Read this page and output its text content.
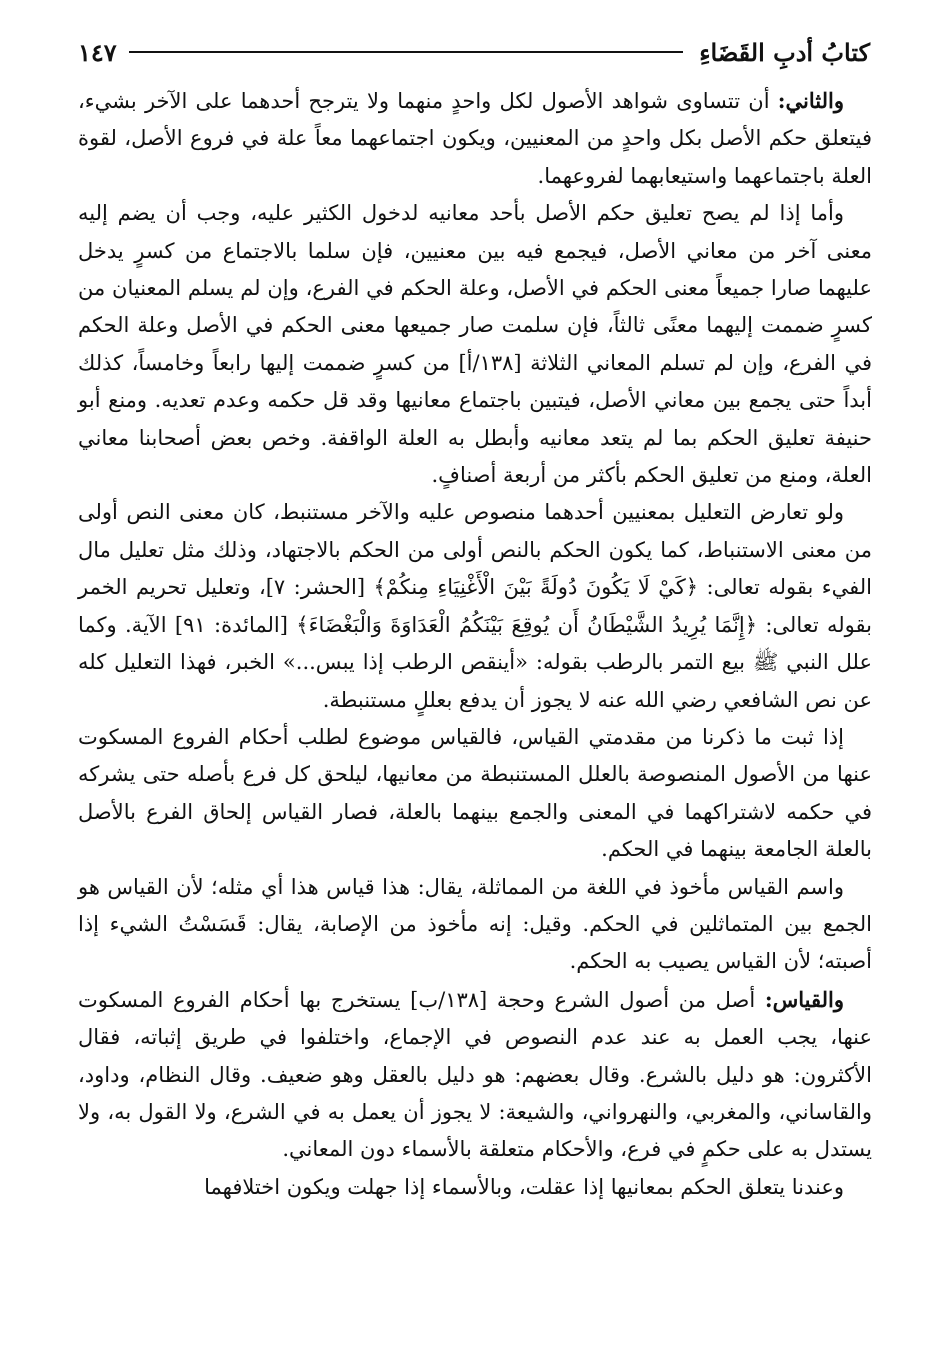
كتابُ أدبِ القَضَاءِ
١٤٧

والثاني: أن تتساوى شواهد الأصول لكل واحدٍ منهما ولا يترجح أحدهما على الآخر بشيء، فيتعلق حكم الأصل بكل واحدٍ من المعنيين، ويكون اجتماعهما معاً علة في فروع الأصل، لقوة العلة باجتماعهما واستيعابهما لفروعهما.

وأما إذا لم يصح تعليق حكم الأصل بأحد معانيه لدخول الكثير عليه، وجب أن يضم إليه معنى آخر من معاني الأصل، فيجمع فيه بين معنيين، فإن سلما بالاجتماع من كسرٍ يدخل عليهما صارا جميعاً معنى الحكم في الأصل، وعلة الحكم في الفرع، وإن لم يسلم المعنيان من كسرٍ ضممت إليهما معنًى ثالثاً، فإن سلمت صار جميعها معنى الحكم في الأصل وعلة الحكم في الفرع، وإن لم تسلم المعاني الثلاثة [١٣٨/أ] من كسرٍ ضممت إليها رابعاً وخامساً، كذلك أبداً حتى يجمع بين معاني الأصل، فيتبين باجتماع معانيها وقد قل حكمه وعدم تعديه. ومنع أبو حنيفة تعليق الحكم بما لم يتعد معانيه وأبطل به العلة الواقفة. وخص بعض أصحابنا معاني العلة، ومنع من تعليق الحكم بأكثر من أربعة أصنافٍ.

ولو تعارض التعليل بمعنيين أحدهما منصوص عليه والآخر مستنبط، كان معنى النص أولى من معنى الاستنباط، كما يكون الحكم بالنص أولى من الحكم بالاجتهاد، وذلك مثل تعليل مال الفيء بقوله تعالى: ﴿كَيْ لَا يَكُونَ دُولَةً بَيْنَ الْأَغْنِيَاءِ مِنكُمْ﴾ [الحشر: ٧]، وتعليل تحريم الخمر بقوله تعالى: ﴿إِنَّمَا يُرِيدُ الشَّيْطَانُ أَن يُوقِعَ بَيْنَكُمُ الْعَدَاوَةَ وَالْبَغْضَاءَ﴾ [المائدة: ٩١] الآية. وكما علل النبي ﷺ بيع التمر بالرطب بقوله: «أينقص الرطب إذا يبس...» الخبر، فهذا التعليل كله عن نص الشافعي رضي الله عنه لا يجوز أن يدفع بعللٍ مستنبطة.

إذا ثبت ما ذكرنا من مقدمتي القياس، فالقياس موضوع لطلب أحكام الفروع المسكوت عنها من الأصول المنصوصة بالعلل المستنبطة من معانيها، ليلحق كل فرع بأصله حتى يشركه في حكمه لاشتراكهما في المعنى والجمع بينهما بالعلة، فصار القياس إلحاق الفرع بالأصل بالعلة الجامعة بينهما في الحكم.

واسم القياس مأخوذ في اللغة من المماثلة، يقال: هذا قياس هذا أي مثله؛ لأن القياس هو الجمع بين المتماثلين في الحكم. وقيل: إنه مأخوذ من الإصابة، يقال: قَسَسْتُ الشيء إذا أصبته؛ لأن القياس يصيب به الحكم.

والقياس: أصل من أصول الشرع وحجة [١٣٨/ب] يستخرج بها أحكام الفروع المسكوت عنها، يجب العمل به عند عدم النصوص في الإجماع، واختلفوا في طريق إثباته، فقال الأكثرون: هو دليل بالشرع. وقال بعضهم: هو دليل بالعقل وهو ضعيف. وقال النظام، وداود، والقاساني، والمغربي، والنهرواني، والشيعة: لا يجوز أن يعمل به في الشرع، ولا القول به، ولا يستدل به على حكمٍ في فرع، والأحكام متعلقة بالأسماء دون المعاني.

وعندنا يتعلق الحكم بمعانيها إذا عقلت، وبالأسماء إذا جهلت ويكون اختلافهما
